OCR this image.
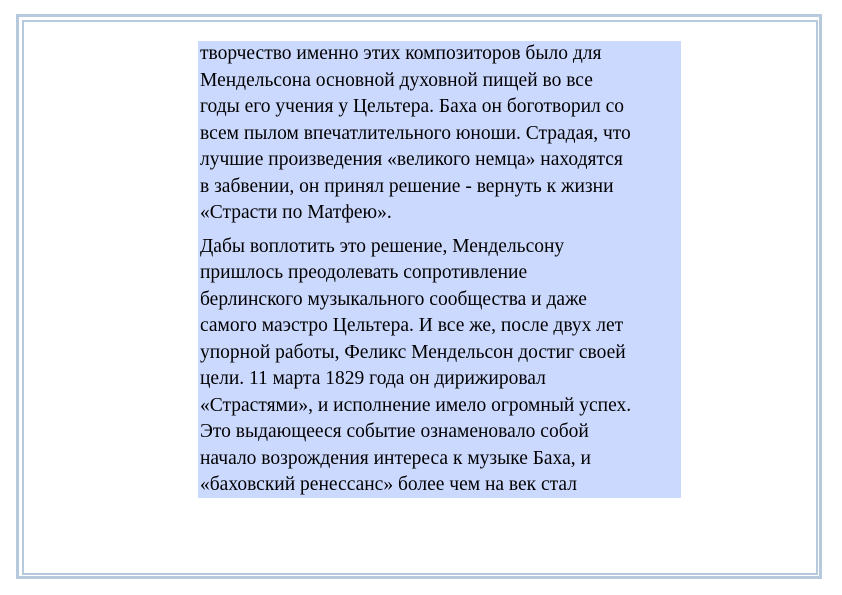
творчество именно этих композиторов было для
Мендельсона основной духовной пищей во все
годы его учения у Цельтера. Баха он боготворил со
всем пылом впечатлительного юноши. Страдая, что
лучшие произведения «великого немца» находятся
в забвении, он принял решение - вернуть к жизни
«Страсти по Матфею».

Дабы воплотить это решение, Мендельсону
пришлось преодолевать сопротивление
берлинского музыкального сообщества и даже
самого маэстро Цельтера. И все же, после двух лет
упорной работы, Феликс Мендельсон достиг своей
цели. 11 марта 1829 года он дирижировал
«Страстями», и исполнение имело огромный успех.
Это выдающееся событие ознаменовало собой
начало возрождения интереса к музыке Баха, и
«баховский ренессанс» более чем на век стал
